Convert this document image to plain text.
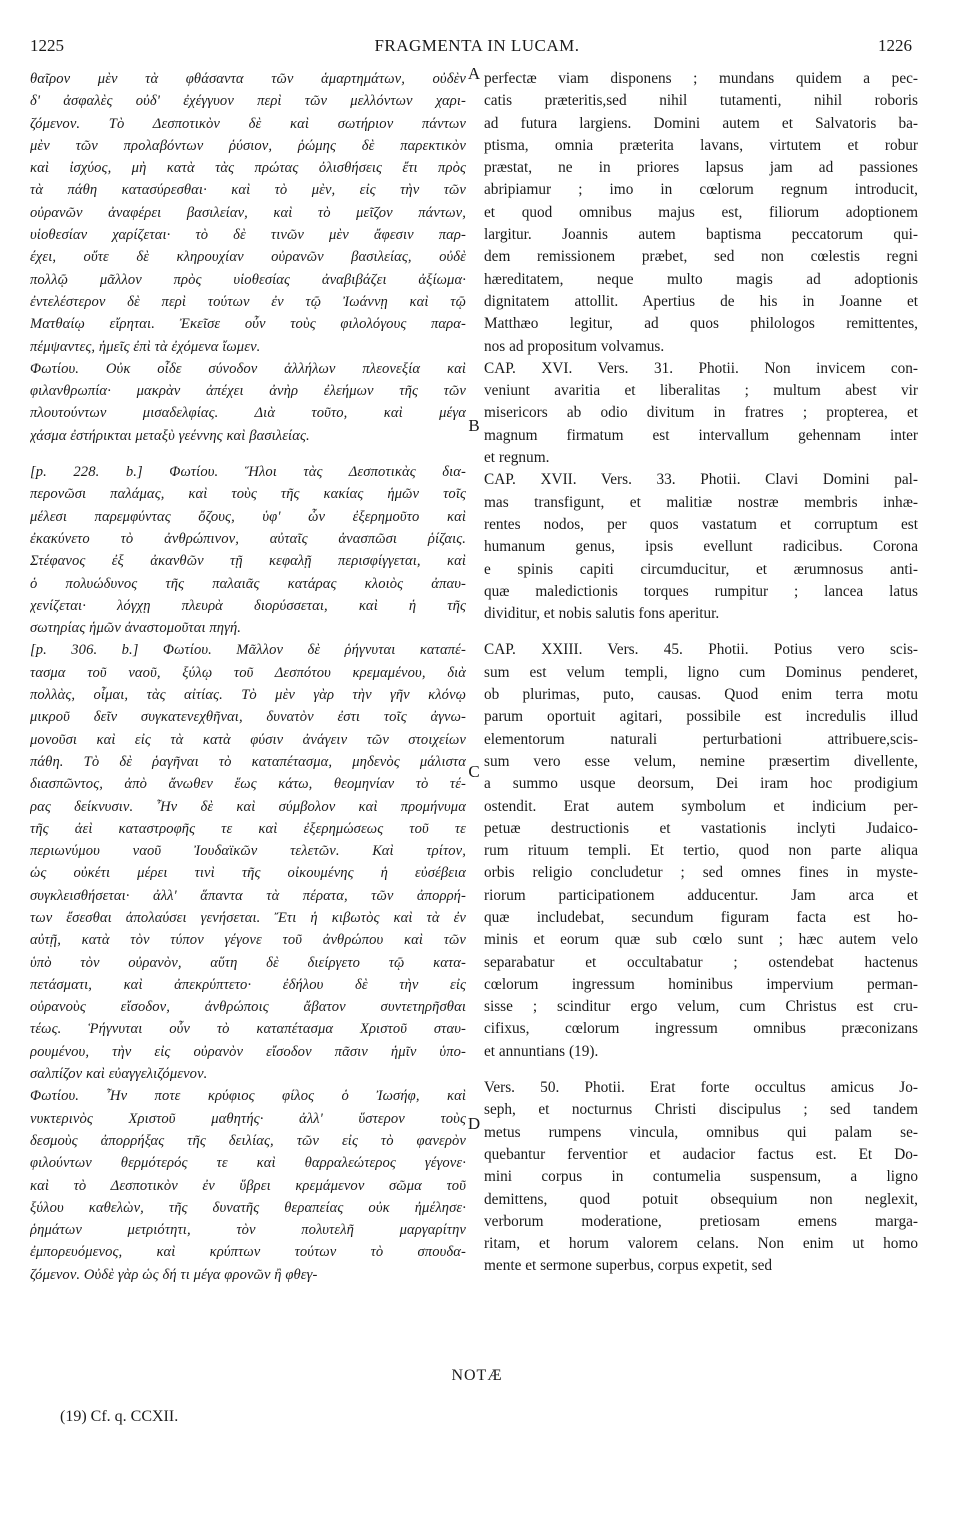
1225	FRAGMENTA IN LUCAM.	1226
θαῖρον μὲν τὰ φθάσαντα τῶν ἁμαρτημάτων, οὐδὲν
δ' ἀσφαλὲς οὐδ' ἐχέγγυον περὶ τῶν μελλόντων χαρι-
ζόμενον. Τὸ Δεσποτικὸν δὲ καὶ σωτήριον πάντων
μὲν τῶν προλαβόντων ῥύσιον, ῥώμης δὲ παρεκτικὸν
καὶ ἰσχύος, μὴ κατὰ τὰς πρώτας ὀλισθήσεις ἔτι πρὸς
τὰ πάθη κατασύρεσθαι· καὶ τὸ μὲν, εἰς τὴν τῶν
οὐρανῶν ἀναφέρει βασιλείαν, καὶ τὸ μεῖζον πάντων,
υἱοθεσίαν χαρίζεται· τὸ δὲ τινῶν μὲν ἄφεσιν παρ-
έχει, οὔτε δὲ κληρουχίαν οὐρανῶν βασιλείας, οὐδὲ
πολλῷ μᾶλλον πρὸς υἱοθεσίας ἀναβιβάζει ἀξίωμα·
ἐντελέστερον δὲ περὶ τούτων ἐν τῷ Ἰωάννῃ καὶ τῷ
Ματθαίῳ εἴρηται. Ἐκεῖσε οὖν τοὺς φιλολόγους παρα-
πέμψαντες, ἡμεῖς ἐπὶ τὰ ἐχόμενα ἴωμεν.
Φωτίου. Οὐκ οἶδε σύνοδον ἀλλήλων πλεονεξία καὶ
φιλανθρωπία· μακρὰν ἀπέχει ἀνὴρ ἐλεήμων τῆς τῶν
πλουτούντων μισαδελφίας. Διὰ τοῦτο, καὶ μέγα
χάσμα ἐστήρικται μεταξὺ γεέννης καὶ βασιλείας.
[p. 228. b.] Φωτίου. Ἥλοι τὰς Δεσποτικὰς δια-
περονῶσι παλάμας, καὶ τοὺς τῆς κακίας ἡμῶν τοῖς
μέλεσι παρεμφύντας ὄζους, ὑφ' ὧν ἐξερημοῦτο καὶ
ἐκακύνετο τὸ ἀνθρώπινον, αὐταῖς ἀνασπῶσι ῥίζαις.
Στέφανος ἐξ ἀκανθῶν τῇ κεφαλῇ περισφίγγεται, καὶ
ὁ πολυώδυνος τῆς παλαιᾶς κατάρας κλοιὸς ἀπαυ-
χενίζεται· λόγχῃ πλευρὰ διορύσσεται, καὶ ἡ τῆς
σωτηρίας ἡμῶν ἀναστομοῦται πηγή.
[p. 306. b.] Φωτίου. Μᾶλλον δὲ ῥήγνυται καταπέ-
τασμα τοῦ ναοῦ, ξύλῳ τοῦ Δεσπότου κρεμαμένου, διὰ
πολλὰς, οἶμαι, τὰς αἰτίας. Τὸ μὲν γὰρ τὴν γῆν κλόνῳ
μικροῦ δεῖν συγκατενεχθῆναι, δυνατὸν ἐστι τοῖς ἀγνω-
μονοῦσι καὶ εἰς τὰ κατὰ φύσιν ἀνάγειν τῶν στοιχείων
πάθη. Τὸ δὲ ῥαγῆναι τὸ καταπέτασμα, μηδενὸς μάλιστα
διασπῶντος, ἀπὸ ἄνωθεν ἕως κάτω, θεομηνίαν τὸ τέ-
ρας δείκνυσιν. Ἦν δὲ καὶ σύμβολον καὶ προμήνυμα
τῆς ἀεὶ καταστροφῆς τε καὶ ἐξερημώσεως τοῦ τε
περιωνύμου ναοῦ Ἰουδαϊκῶν τελετῶν. Καὶ τρίτον,
ὡς οὐκέτι μέρει τινὶ τῆς οἰκουμένης ἡ εὐσέβεια
συγκλεισθήσεται· ἀλλ' ἅπαντα τὰ πέρατα, τῶν ἀπορρή-
των ἔσεσθαι ἀπολαύσει γενήσεται. Ἔτι ἡ κιβωτὸς καὶ τὰ ἐν
αὐτῇ, κατὰ τὸν τύπον γέγονε τοῦ ἀνθρώπου καὶ τῶν
ὑπὸ τὸν οὐρανὸν, αὕτη δὲ διείργετο τῷ κατα-
πετάσματι, καὶ ἀπεκρύπτετο· ἐδήλου δὲ τὴν εἰς
οὐρανοὺς εἴσοδον, ἀνθρώποις ἄβατον συντετηρῆσθαι
τέως. Ῥήγνυται οὖν τὸ καταπέτασμα Χριστοῦ σταυ-
ρουμένου, τὴν εἰς οὐρανὸν εἴσοδον πᾶσιν ἡμῖν ὑπο-
σαλπίζον καὶ εὐαγγελιζόμενον.
Φωτίου. Ἦν ποτε κρύφιος φίλος ὁ Ἰωσήφ, καὶ
νυκτερινὸς Χριστοῦ μαθητής· ἀλλ' ὕστερον τοὺς
δεσμοὺς ἀπορρήξας τῆς δειλίας, τῶν εἰς τὸ φανερὸν
φιλούντων θερμότερός τε καὶ θαρραλεώτερος γέγονε·
καὶ τὸ Δεσποτικὸν ἐν ὕβρει κρεμάμενον σῶμα τοῦ
ξύλου καθελὼν, τῆς δυνατῆς θεραπείας οὐκ ἠμέλησε·
ῥημάτων μετριότητι, τὸν πολυτελῆ μαργαρίτην
ἐμπορευόμενος, καὶ κρύπτων τούτων τὸ σπουδα-
ζόμενον. Οὐδὲ γὰρ ὡς δή τι μέγα φρονῶν ἢ φθεγ-
A
B
C
D
perfectæ viam disponens ; mundans quidem a pec-
catis præteritis,sed nihil tutamenti, nihil roboris
ad futura largiens. Domini autem et Salvatoris ba-
ptisma, omnia præterita lavans, virtutem et robur
præstat, ne in priores lapsus jam ad passiones
abripiamur ; imo in cœlorum regnum introducit,
et quod omnibus majus est, filiorum adoptionem
largitur. Joannis autem baptisma peccatorum qui-
dem remissionem præbet, sed non cœlestis regni
hæreditatem, neque multo magis ad adoptionis
dignitatem attollit. Apertius de his in Joanne et
Matthæo legitur, ad quos philologos remittentes,
nos ad propositum volvamus.
CAP. XVI. Vers. 31. Photii. Non invicem con-
veniunt avaritia et liberalitas ; multum abest vir
misericors ab odio divitum in fratres ; propterea, et
magnum firmatum est intervallum gehennam inter
et regnum.
CAP. XVII. Vers. 33. Photii. Clavi Domini pal-
mas transfigunt, et malitiæ nostræ membris inhæ-
rentes nodos, per quos vastatum et corruptum est
humanum genus, ipsis evellunt radicibus. Corona
e spinis capiti circumducitur, et ærumnosus anti-
quæ maledictionis torques rumpitur ; lancea latus
dividitur, et nobis salutis fons aperitur.
CAP. XXIII. Vers. 45. Photii. Potius vero scis-
sum est velum templi, ligno cum Dominus penderet,
ob plurimas, puto, causas. Quod enim terra motu
parum oportuit agitari, possibile est incredulis illud
elementorum naturali perturbationi attribuere,scis-
sum vero esse velum, nemine præsertim divellente,
a summo usque deorsum, Dei iram hoc prodigium
ostendit. Erat autem symbolum et indicium per-
petuæ destructionis et vastationis inclyti Judaico-
rum rituum templi. Et tertio, quod non parte aliqua
orbis religio concludetur ; sed omnes fines in myste-
riorum participationem adducentur. Jam arca et
quæ includebat, secundum figuram facta est ho-
minis et eorum quæ sub cœlo sunt ; hæc autem velo
separabatur et occultabatur ; ostendebat hactenus
cœlorum ingressum hominibus impervium perman-
sisse ; scinditur ergo velum, cum Christus est cru-
cifixus, cœlorum ingressum omnibus præconizans
et annuntians (19).
Vers. 50. Photii. Erat forte occultus amicus Jo-
seph, et nocturnus Christi discipulus ; sed tandem
metus rumpens vincula, omnibus qui palam se-
quebantur ferventior et audacior factus est. Et Do-
mini corpus in contumelia suspensum, a ligno
demittens, quod potuit obsequium non neglexit,
verborum moderatione, pretiosam emens marga-
ritam, et horum valorem celans. Non enim ut homo
mente et sermone superbus, corpus expetit, sed
NOTÆ
(19) Cf. q. CCXII.
